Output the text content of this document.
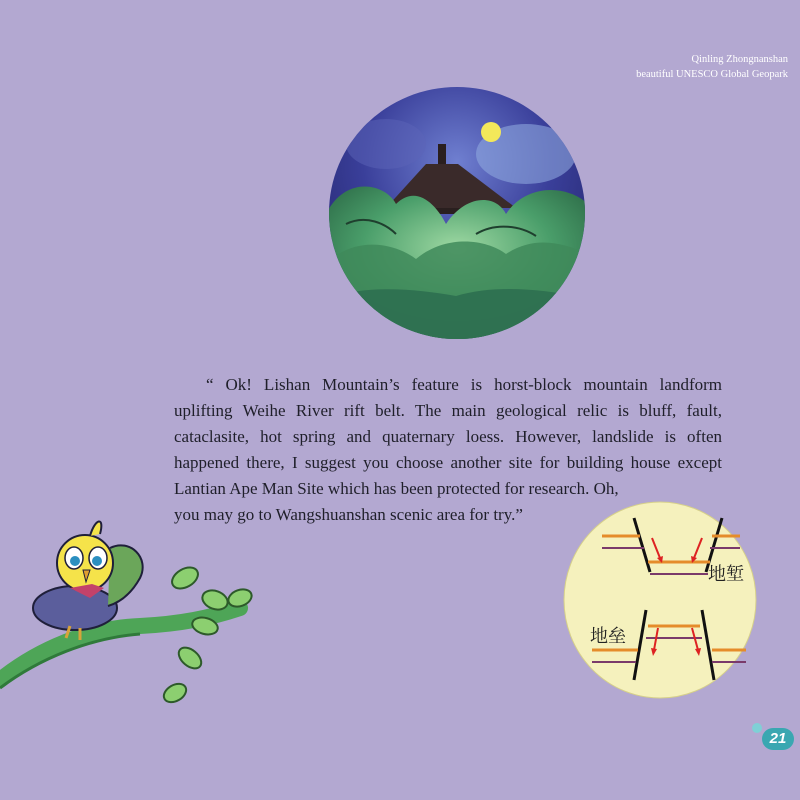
Qinling Zhongnanshan
beautiful UNESCO Global Geopark

“ Ok! Lishan Mountain’s feature is horst-block mountain landform uplifting Weihe River rift belt. The main geological relic is bluff, fault, cataclasite, hot spring and quaternary loess. However, landslide is often happened there, I suggest you choose another site for building house except Lantian Ape Man Site which has been protected for research. Oh,

you may go to Wangshuanshan scenic area for try.”

地堑
地垒
21
